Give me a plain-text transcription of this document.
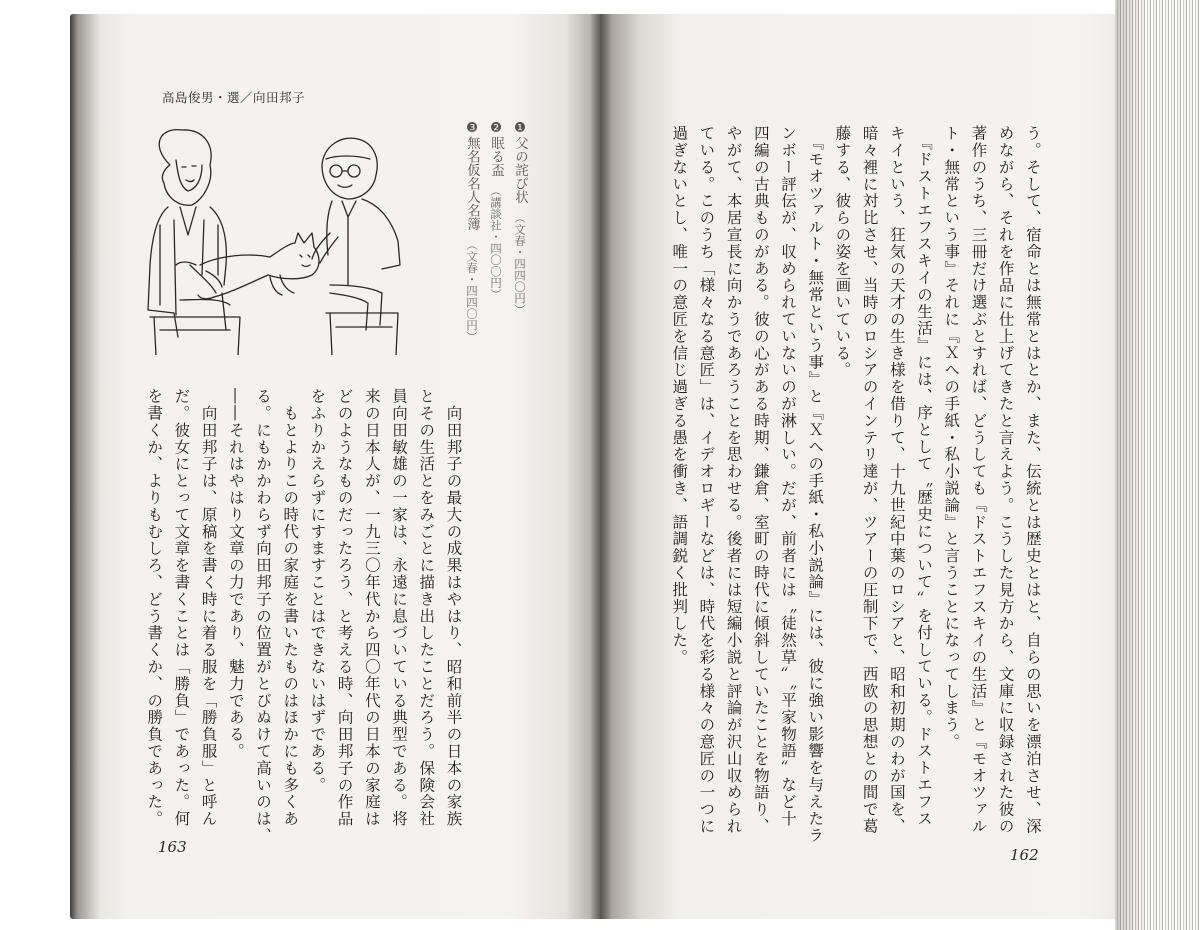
高島俊男・選／向田邦子
❶父の詫び状（文春・四四〇円）
❷眠る盃（講談社・四〇〇円）
❸無名仮名人名簿（文春・四四〇円）
　向田邦子の最大の成果はやはり、昭和前半の日本の家族
とその生活とをみごとに描き出したことだろう。保険会社
員向田敏雄の一家は、永遠に息づいている典型である。将
来の日本人が、一九三〇年代から四〇年代の日本の家庭は
どのようなものだったろう、と考える時、向田邦子の作品
をふりかえらずにすますことはできないはずである。
　もとよりこの時代の家庭を書いたものはほかにも多くあ
る。にもかかわらず向田邦子の位置がとびぬけて高いのは、
――それはやはり文章の力であり、魅力である。
　向田邦子は、原稿を書く時に着る服を「勝負服」と呼ん
だ。彼女にとって文章を書くことは「勝負」であった。何
を書くか、よりもむしろ、どう書くか、の勝負であった。	う。そして、宿命とは無常とはとか、また、伝統とは歴史とはと、自らの思いを漂泊させ、深
めながら、それを作品に仕上げてきたと言えよう。こうした見方から、文庫に収録された彼の
著作のうち、三冊だけ選ぶとすれば、どうしても『ドストエフスキイの生活』と『モオツァル
ト・無常という事』それに『Ｘへの手紙・私小説論』と言うことになってしまう。
　『ドストエフスキイの生活』には、序として〝歴史について〟を付している。ドストエフス
キイという、狂気の天才の生き様を借りて、十九世紀中葉のロシアと、昭和初期のわが国を、
暗々裡に対比させ、当時のロシアのインテリ達が、ツアーの圧制下で、西欧の思想との間で葛
藤する、彼らの姿を画いている。
　『モオツァルト・無常という事』と『Ｘへの手紙・私小説論』には、彼に強い影響を与えたラ
ンボー評伝が、収められていないのが淋しい。だが、前者には〝徒然草〟〝平家物語〟など十
四編の古典ものがある。彼の心がある時期、鎌倉、室町の時代に傾斜していたことを物語り、
やがて、本居宣長に向かうであろうことを思わせる。後者には短編小説と評論が沢山収められ
ている。このうち「様々なる意匠」は、イデオロギーなどは、時代を彩る様々の意匠の一つに
過ぎないとし、唯一の意匠を信じ過ぎる愚を衝き、語調鋭く批判した。
163	162
